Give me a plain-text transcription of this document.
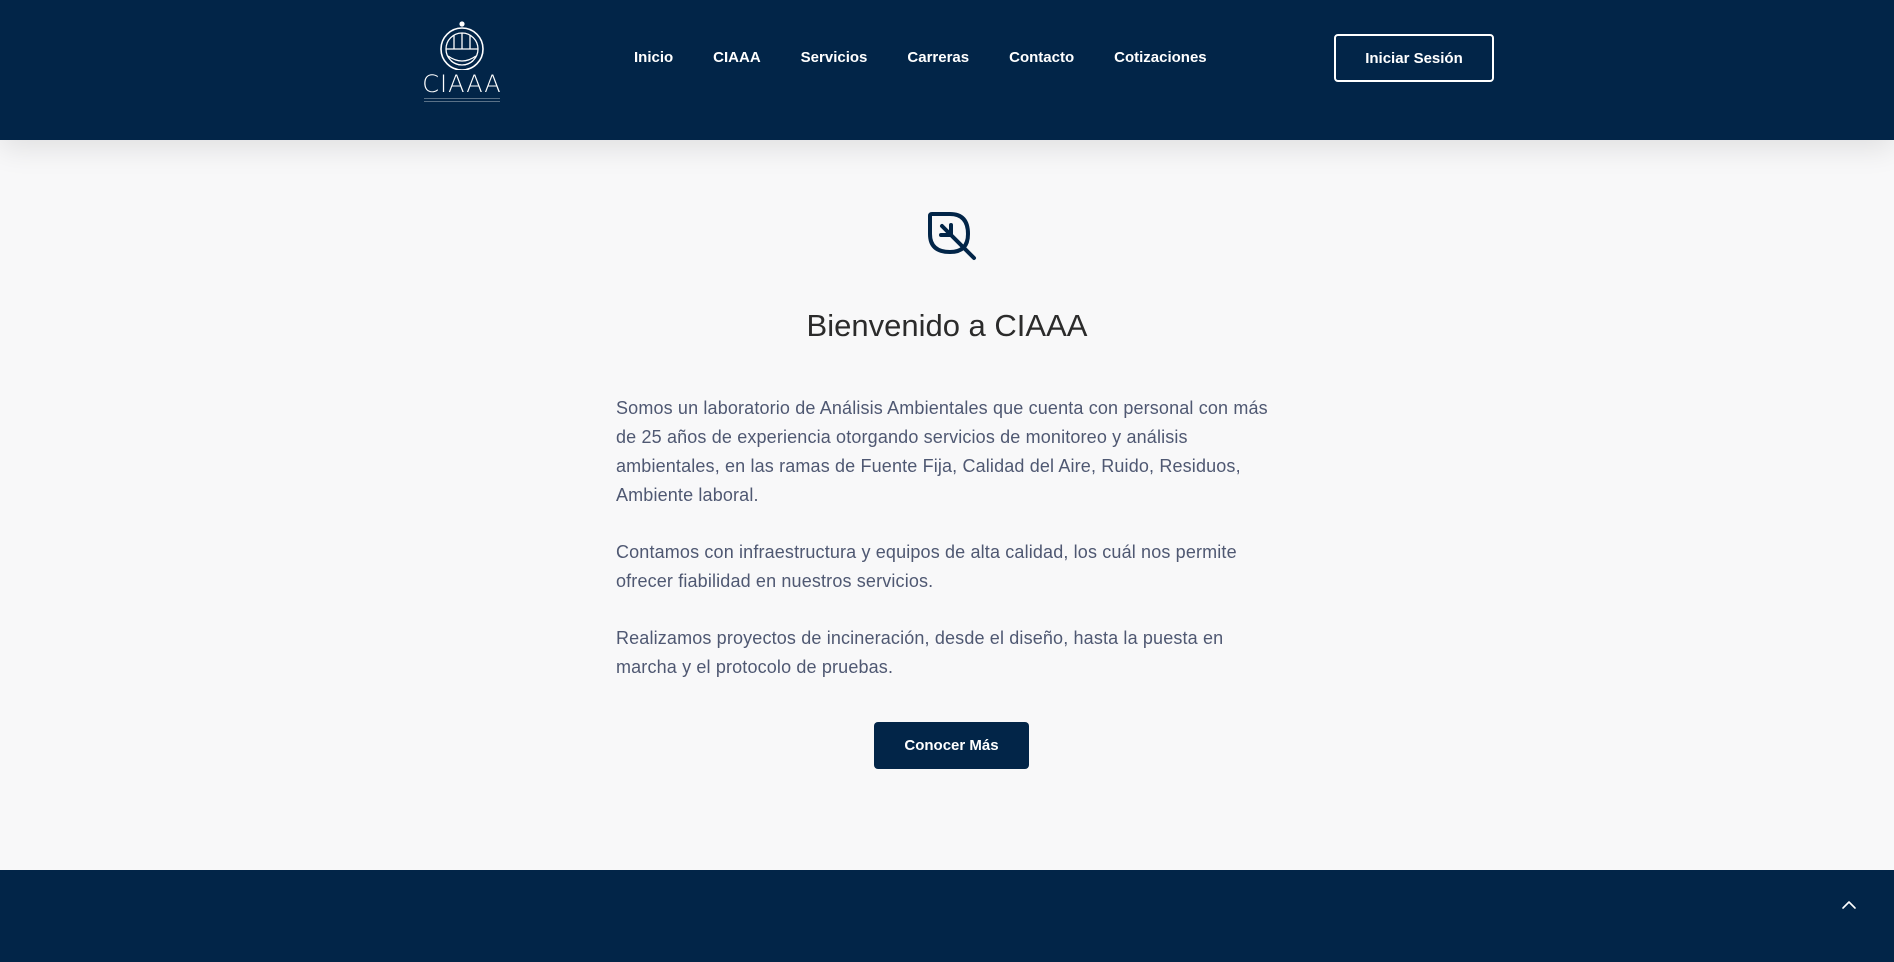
CIAAA
Inicio	CIAAA	Servicios	Carreras	Contacto	Cotizaciones	Iniciar Sesión
Bienvenido a CIAAA

Somos un laboratorio de Análisis Ambientales que cuenta con personal con más de 25 años de experiencia otorgando servicios de monitoreo y análisis ambientales, en las ramas de Fuente Fija, Calidad del Aire, Ruido, Residuos, Ambiente laboral.

Contamos con infraestructura y equipos de alta calidad, los cuál nos permite ofrecer fiabilidad en nuestros servicios.

Realizamos proyectos de incineración, desde el diseño, hasta la puesta en marcha y el protocolo de pruebas.

Conocer Más
